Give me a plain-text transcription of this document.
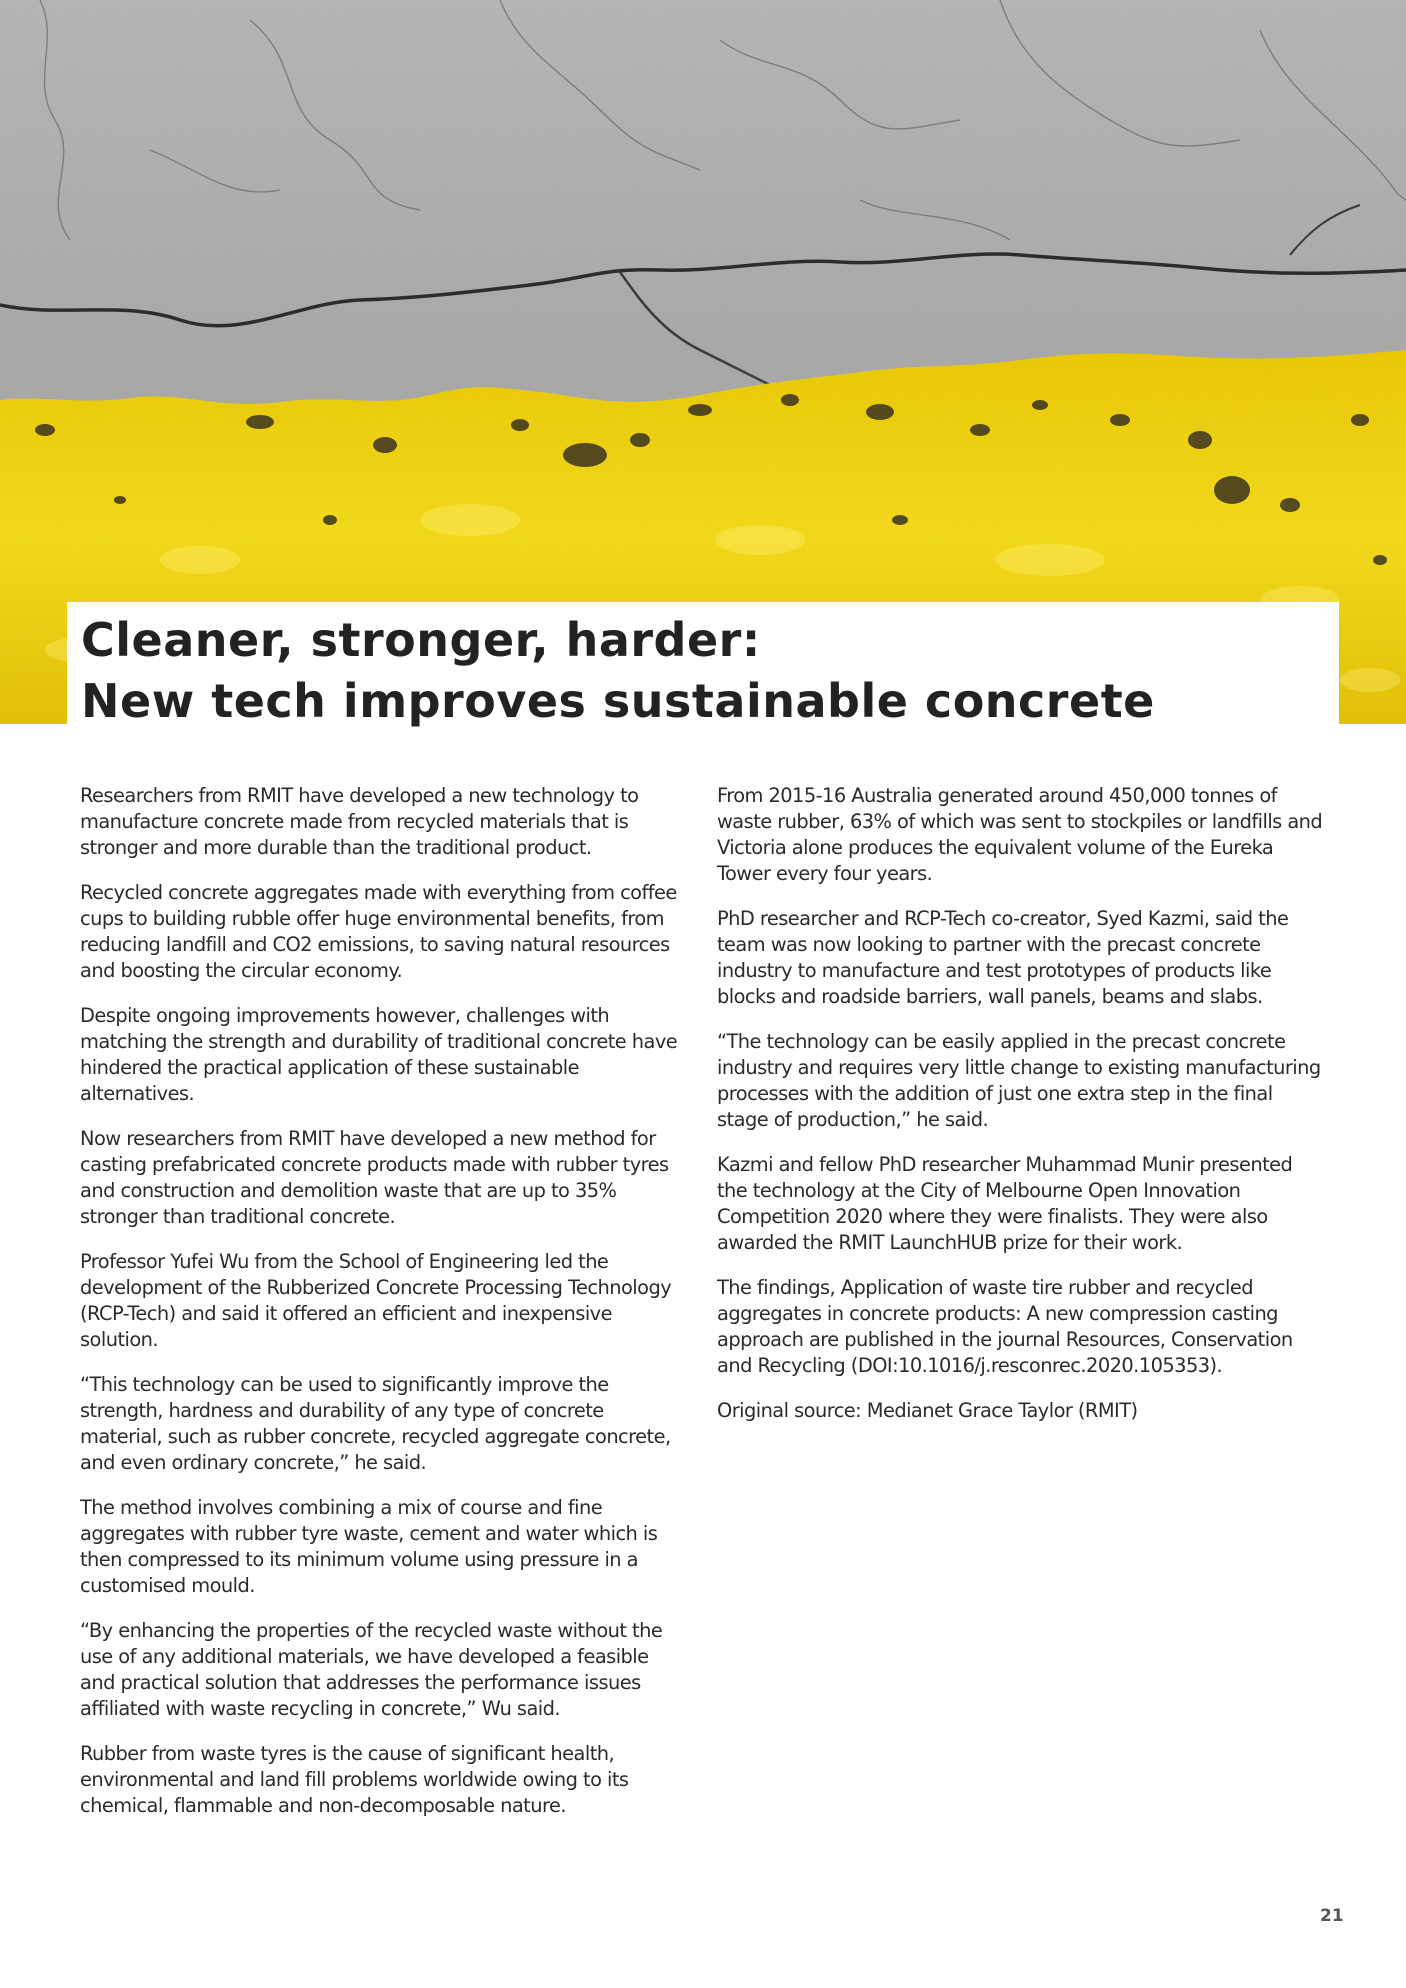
Cleaner, stronger, harder:
New tech improves sustainable concrete

Researchers from RMIT have developed a new technology to manufacture concrete made from recycled materials that is stronger and more durable than the traditional product.

Recycled concrete aggregates made with everything from coffee cups to building rubble offer huge environmental benefits, from reducing landfill and CO2 emissions, to saving natural resources and boosting the circular economy.

Despite ongoing improvements however, challenges with matching the strength and durability of traditional concrete have hindered the practical application of these sustainable alternatives.

Now researchers from RMIT have developed a new method for casting prefabricated concrete products made with rubber tyres and construction and demolition waste that are up to 35% stronger than traditional concrete.

Professor Yufei Wu from the School of Engineering led the development of the Rubberized Concrete Processing Technology (RCP-Tech) and said it offered an efficient and inexpensive solution.

“This technology can be used to significantly improve the strength, hardness and durability of any type of concrete material, such as rubber concrete, recycled aggregate concrete, and even ordinary concrete,” he said.

The method involves combining a mix of course and fine aggregates with rubber tyre waste, cement and water which is then compressed to its minimum volume using pressure in a customised mould.

“By enhancing the properties of the recycled waste without the use of any additional materials, we have developed a feasible and practical solution that addresses the performance issues affiliated with waste recycling in concrete,” Wu said.

Rubber from waste tyres is the cause of significant health, environmental and land fill problems worldwide owing to its chemical, flammable and non-decomposable nature.

From 2015-16 Australia generated around 450,000 tonnes of waste rubber, 63% of which was sent to stockpiles or landfills and Victoria alone produces the equivalent volume of the Eureka Tower every four years.

PhD researcher and RCP-Tech co-creator, Syed Kazmi, said the team was now looking to partner with the precast concrete industry to manufacture and test prototypes of products like blocks and roadside barriers, wall panels, beams and slabs.

“The technology can be easily applied in the precast concrete industry and requires very little change to existing manufacturing processes with the addition of just one extra step in the final stage of production,” he said.

Kazmi and fellow PhD researcher Muhammad Munir presented the technology at the City of Melbourne Open Innovation Competition 2020 where they were finalists. They were also awarded the RMIT LaunchHUB prize for their work.

The findings, Application of waste tire rubber and recycled aggregates in concrete products: A new compression casting approach are published in the journal Resources, Conservation and Recycling (DOI:10.1016/j.resconrec.2020.105353).

Original source: Medianet Grace Taylor (RMIT)

21
